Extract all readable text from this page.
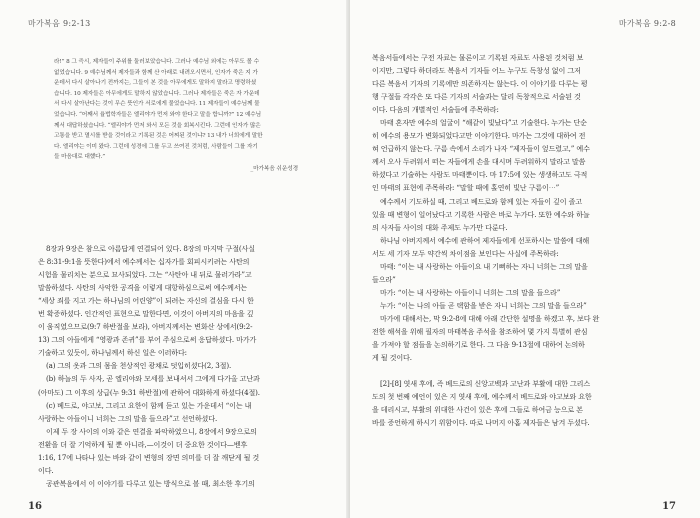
마가복음 9:2-13

라!” 8 그 즉시, 제자들이 주위를 둘러보았습니다. 그러나 예수님 외에는 아무도 볼 수

없었습니다. 9 예수님께서 제자들과 함께 산 아래로 내려오시면서, 인자가 죽은 지 가

운데서 다시 살아나기 전까지는, 그들이 본 것을 아무에게도 말하지 말라고 명령하셨

습니다. 10 제자들은 아무에게도 말하지 않았습니다. 그러나 제자들은 죽은 자 가운데

서 다시 살아난다는 것이 무슨 뜻인가 서로에게 물었습니다. 11 제자들이 예수님께 물

었습니다. “어째서 율법학자들은 엘리야가 먼저 와야 한다고 말을 합니까?” 12 예수님

께서 대답하셨습니다. “엘리야가 먼저 와서 모든 것을 회복시킨다. 그런데 인자가 많은

고통을 받고 멸시를 받을 것이라고 기록된 것은 어찌된 것이냐? 13 내가 너희에게 말한

다. 엘리야는 이미 왔다. 그런데 성경에 그를 두고 쓰여진 것처럼, 사람들이 그를 자기

들 마음대로 대했다.”

_마가복음 쉬운성경

8장과 9장은 참으로 아름답게 연결되어 있다. 8장의 마지막 구절(사실

은 8:31-9:1을 뜻한다)에서 예수께서는 십자가를 회피시키려는 사탄의

시험을 물리치는 분으로 묘사되었다. 그는 “사탄아 내 뒤로 물러가라”고

말씀하셨다. 사탄의 사악한 공격을 이렇게 대항하심으로써 예수께서는

“세상 죄를 지고 가는 하나님의 어린양”이 되려는 자신의 결심을 다시 한

번 확증하셨다. 인간적인 표현으로 말한다면, 이것이 아버지의 마음을 깊

이 움직였으므로(9:7 하반절을 보라), 아버지께서는 변화산 상에서(9:2-

13) 그의 아들에게 “영광과 존귀”를 부어 주심으로써 응답하셨다. 마가가

기술하고 있듯이, 하나님께서 하신 일은 이러하다:

(a) 그의 옷과 그의 몸을 천상적인 광채로 덧입히셨다(2, 3절).

(b) 하늘의 두 사자, 곧 엘리야와 모세를 보내셔서 그에게 다가올 고난과

(아마도) 그 이후의 상급(누 9:31 하반절)에 관하여 대화하게 하셨다(4절).

(c) 베드로, 야고보, 그리고 요한이 함께 듣고 있는 가운데서 “이는 내

사랑하는 아들이니 너희는 그의 말을 들으라”고 선언하셨다.

이제 두 장 사이의 이와 같은 연결을 파악하였으니, 8장에서 9장으로의

전환을 더 잘 기억하게 될 뿐 아니라,—이것이 더 중요한 것이다—벧후

1:16, 17에 나타나 있는 바와 같이 변형의 장면 의미를 더 잘 깨닫게 될 것

이다.

공관복음에서 이 이야기를 다루고 있는 방식으로 볼 때, 최소한 후기의

16
마가복음 9:2-8

복음서들에서는 구전 자료는 물론이고 기록된 자료도 사용된 것처럼 보

이지만, 그렇다 하더라도 복음서 기자들 어느 누구도 독창성 없이 그저

다른 복음서 기자의 기록에만 의존하지는 않는다. 이 이야기를 다루는 평

행 구절들 각각은 또 다른 기자의 서술과는 달리 독창적으로 서술된 것

이다. 다음의 개별적인 서술들에 주목하라:

마태 혼자만 예수의 얼굴이 “해같이 빛났다”고 기술한다. 누가는 단순

히 예수의 용모가 변화되었다고만 이야기한다. 마가는 그것에 대하여 전

혀 언급하지 않는다. 구름 속에서 소리가 나자 “제자들이 엎드렸고,” 예수

께서 오사 두려워서 떠는 자들에게 손을 대시며 두려워하지 말라고 말씀

하셨다고 기술하는 사람도 마태뿐이다. 마 17:5에 있는 생생하고도 극적

인 마태의 표현에 주목하라: “말할 때에 홀연히 빛난 구름이⋯”

예수께서 기도하실 때, 그리고 베드로와 함께 있는 자들이 깊이 졸고

있을 때 변형이 일어났다고 기록한 사람은 바로 누가다. 또한 예수와 하늘

의 사자들 사이의 대화 주제도 누가만 다룬다.

하나님 아버지께서 예수에 관하여 제자들에게 선포하시는 말씀에 대해

서도 세 기자 모두 약간씩 차이점을 보인다는 사실에 주목하라:

마태: “이는 내 사랑하는 아들이요 내 기뻐하는 자니 너희는 그의 말을

들으라”

마가: “이는 내 사랑하는 아들이니 너희는 그의 말을 들으라”

누가: “이는 나의 아들 곧 택함을 받은 자니 너희는 그의 말을 들으라”

마가에 대해서는, 막 9:2-8에 대해 아래 간단한 설명을 하겠고 후, 보다 완

전한 해석을 위해 필자의 마태복음 주석을 참조하여 몇 가지 특별히 관심

을 가져야 할 점들을 논의하기로 한다. 그 다음 9-13절에 대하여 논의하

게 될 것이다.

[2]-[8] 엿새 후에, 즉 베드로의 신앙고백과 고난과 부활에 대한 그리스

도의 첫 번째 예언이 있은 지 엿새 후에, 예수께서 베드로와 야고보와 요한

을 데리시고, 부활의 위대한 사건이 있은 후에 그들로 하여금 능으로 본

바를 증언하게 하시기 위함이다. 따로 나머지 아홉 제자들은 남겨 두셨다.

17
